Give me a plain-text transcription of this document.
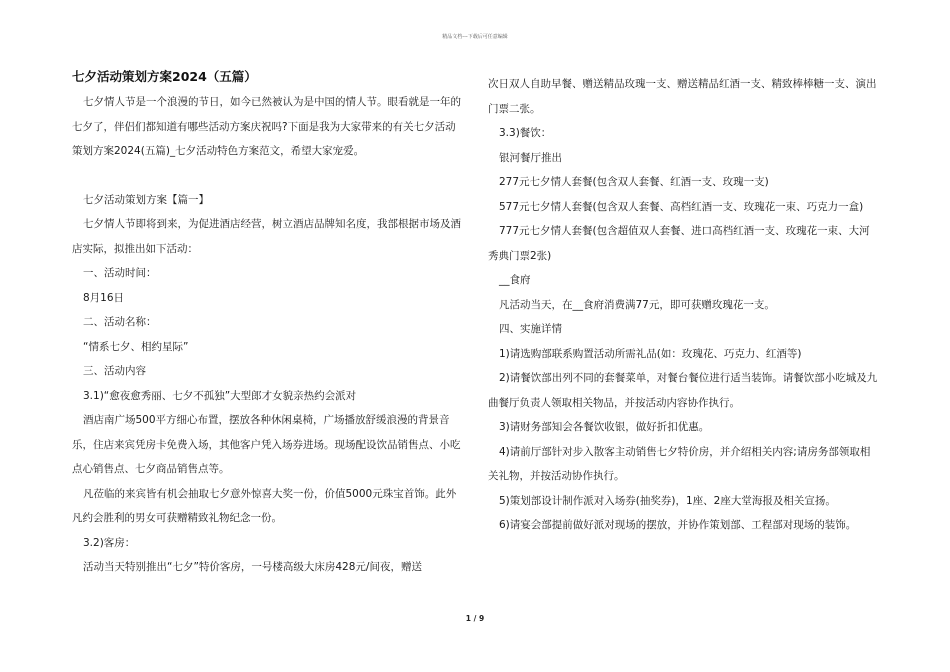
精品文档---下载后可任意编辑
七夕活动策划方案2024（五篇）

七夕情人节是一个浪漫的节日，如今已然被认为是中国的情人节。眼看就是一年的七夕了，伴侣们都知道有哪些活动方案庆祝吗?下面是我为大家带来的有关七夕活动策划方案2024(五篇)_七夕活动特色方案范文，希望大家宠爱。

七夕活动策划方案【篇一】

七夕情人节即将到来，为促进酒店经营，树立酒店品牌知名度，我部根据市场及酒店实际，拟推出如下活动：

一、活动时间：

8月16日

二、活动名称：

“情系七夕、相约星际”

三、活动内容

3.1)“愈夜愈秀丽、七夕不孤独”大型郎才女貌亲热约会派对

酒店南广场500平方细心布置，摆放各种休闲桌椅，广场播放舒缓浪漫的背景音乐，住店来宾凭房卡免费入场，其他客户凭入场券进场。现场配设饮品销售点、小吃点心销售点、七夕商品销售点等。

凡莅临的来宾皆有机会抽取七夕意外惊喜大奖一份，价值5000元珠宝首饰。此外凡约会胜利的男女可获赠精致礼物纪念一份。

3.2)客房：

活动当天特别推出“七夕”特价客房，一号楼高级大床房428元/间夜，赠送

次日双人自助早餐、赠送精品玫瑰一支、赠送精品红酒一支、精致棒棒糖一支、演出门票二张。

3.3)餐饮：

银河餐厅推出

277元七夕情人套餐(包含双人套餐、红酒一支、玫瑰一支)

577元七夕情人套餐(包含双人套餐、高档红酒一支、玫瑰花一束、巧克力一盒)

777元七夕情人套餐(包含超值双人套餐、进口高档红酒一支、玫瑰花一束、大河秀典门票2张)

__食府

凡活动当天，在__食府消费满77元，即可获赠玫瑰花一支。

四、实施详情

1)请选购部联系购置活动所需礼品(如：玫瑰花、巧克力、红酒等)

2)请餐饮部出列不同的套餐菜单，对餐台餐位进行适当装饰。请餐饮部小吃城及九曲餐厅负责人领取相关物品，并按活动内容协作执行。

3)请财务部知会各餐饮收银，做好折扣优惠。

4)请前厅部针对步入散客主动销售七夕特价房，并介绍相关内容;请房务部领取相关礼物，并按活动协作执行。

5)策划部设计制作派对入场券(抽奖券)，1座、2座大堂海报及相关宣扬。

6)请宴会部提前做好派对现场的摆放，并协作策划部、工程部对现场的装饰。

1 / 9
